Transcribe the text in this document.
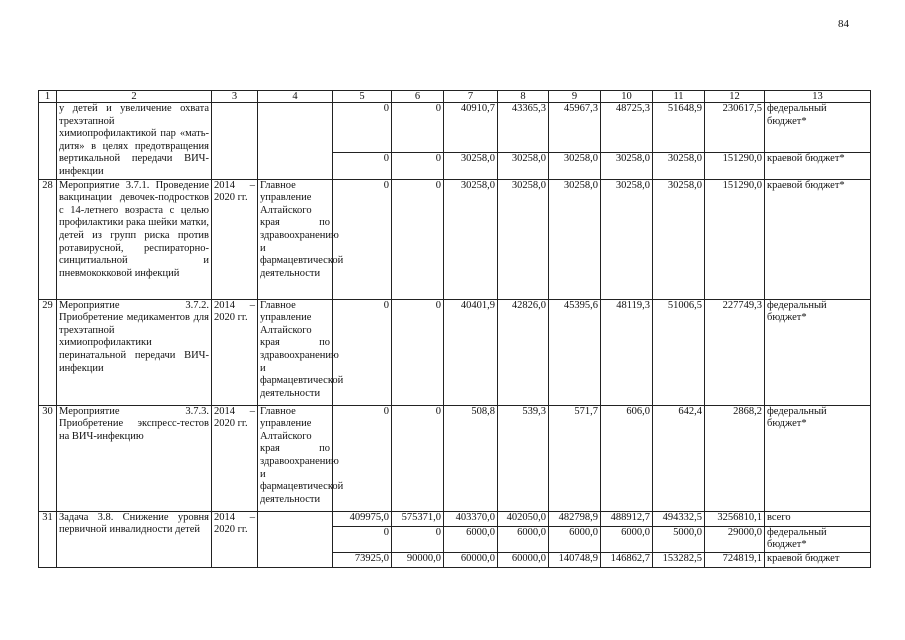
84
1	2	3	4	5	6	7	8	9	10	11	12	13
	у детей и увеличение охвата трехэтапной химиопрофилактикой пар «мать-дитя» в целях предотвращения вертикальной передачи ВИЧ-инфекции			0	0	40910,7	43365,3	45967,3	48725,3	51648,9	230617,5	федеральный бюджет*
				0	0	30258,0	30258,0	30258,0	30258,0	30258,0	151290,0	краевой бюджет*
28	Мероприятие 3.7.1. Проведение вакцинации девочек-подростков с 14-летнего возраста с целью профилактики рака шейки матки, детей из групп риска против ротавирусной, респираторно-синцитиальной и пневмококковой инфекций	2014 – 2020 гг.	Главное управление Алтайского края по здравоохранению и фармацевтической деятельности	0	0	30258,0	30258,0	30258,0	30258,0	30258,0	151290,0	краевой бюджет*
29	Мероприятие 3.7.2. Приобретение медикаментов для трехэтапной химиопрофилактики перинатальной передачи ВИЧ-инфекции	2014 – 2020 гг.	Главное управление Алтайского края по здравоохранению и фармацевтической деятельности	0	0	40401,9	42826,0	45395,6	48119,3	51006,5	227749,3	федеральный бюджет*
30	Мероприятие 3.7.3. Приобретение экспресс-тестов на ВИЧ-инфекцию	2014 – 2020 гг.	Главное управление Алтайского края по здравоохранению и фармацевтической деятельности	0	0	508,8	539,3	571,7	606,0	642,4	2868,2	федеральный бюджет*
31	Задача 3.8. Снижение уровня первичной инвалидности детей	2014 – 2020 гг.		409975,0	575371,0	403370,0	402050,0	482798,9	488912,7	494332,5	3256810,1	всего
				0	0	6000,0	6000,0	6000,0	6000,0	5000,0	29000,0	федеральный бюджет*
				73925,0	90000,0	60000,0	60000,0	140748,9	146862,7	153282,5	724819,1	краевой бюджет
